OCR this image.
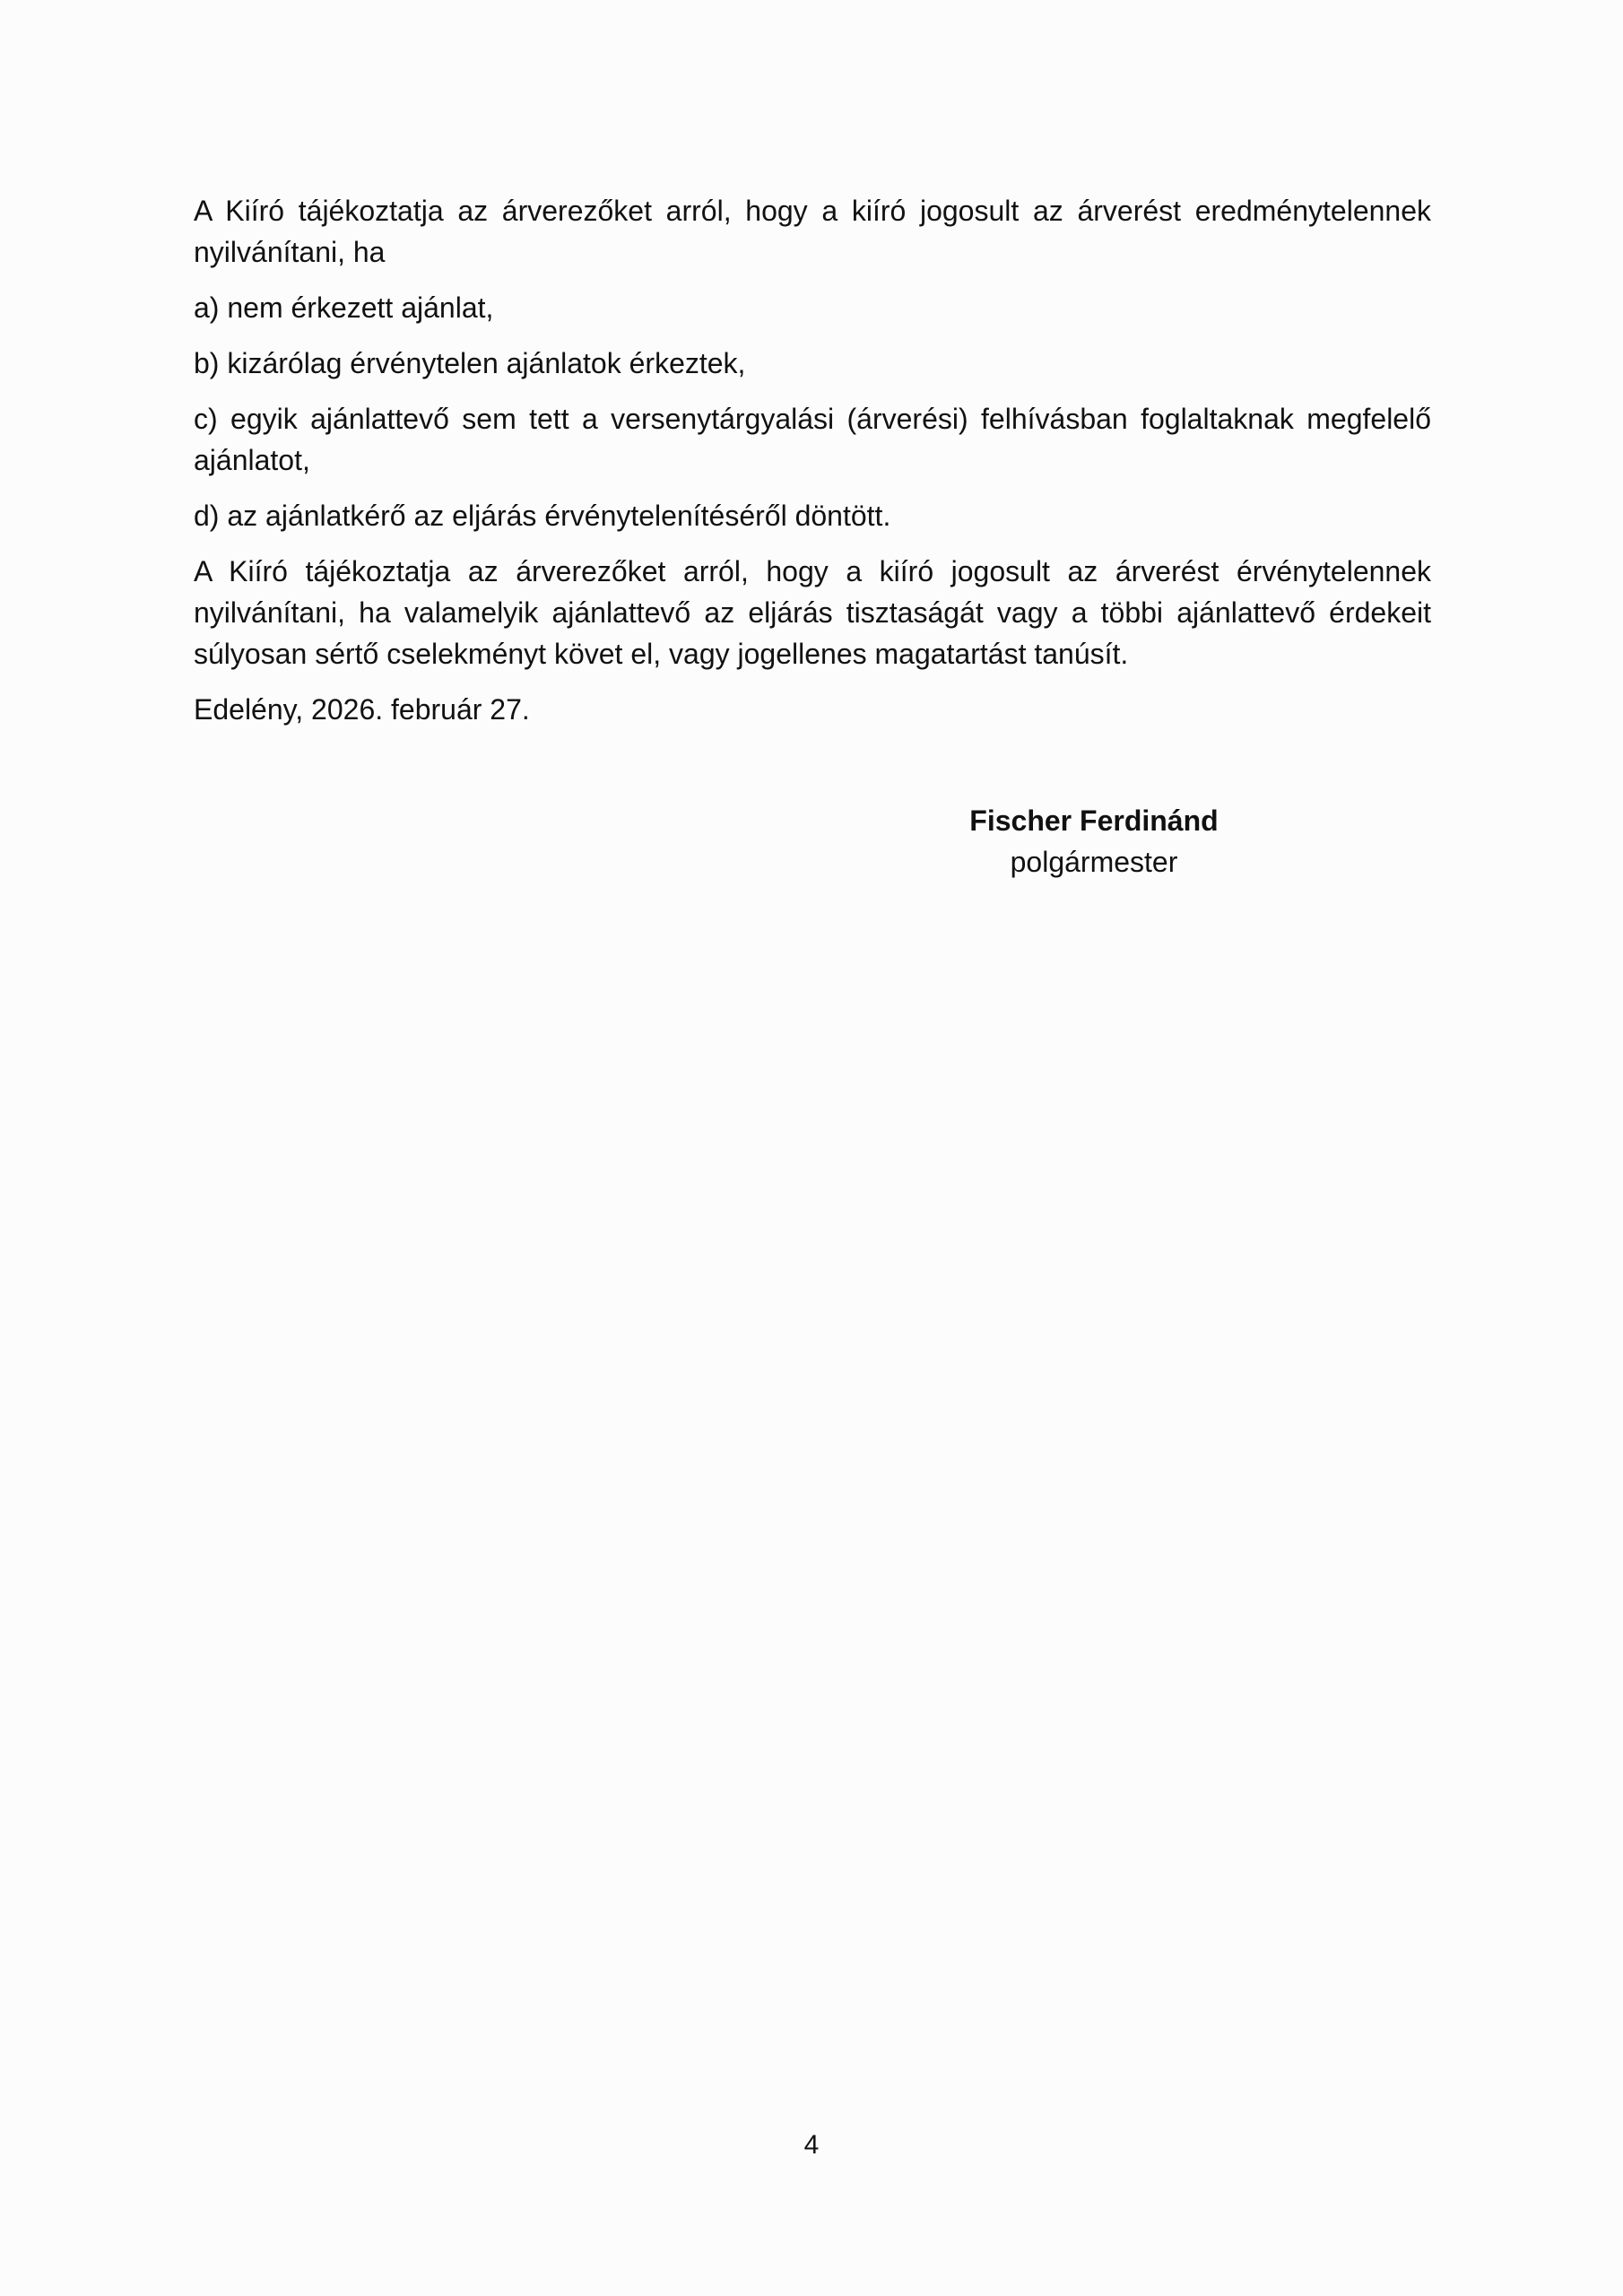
A Kiíró tájékoztatja az árverezőket arról, hogy a kiíró jogosult az árverést eredménytelennek nyilvánítani, ha

a) nem érkezett ajánlat,

b) kizárólag érvénytelen ajánlatok érkeztek,

c) egyik ajánlattevő sem tett a versenytárgyalási (árverési) felhívásban foglaltaknak megfelelő ajánlatot,

d) az ajánlatkérő az eljárás érvénytelenítéséről döntött.

A Kiíró tájékoztatja az árverezőket arról, hogy a kiíró jogosult az árverést érvénytelennek nyilvánítani, ha valamelyik ajánlattevő az eljárás tisztaságát vagy a többi ajánlattevő érdekeit súlyosan sértő cselekményt követ el, vagy jogellenes magatartást tanúsít.

Edelény, 2026. február 27.

Fischer Ferdinánd
polgármester
4
